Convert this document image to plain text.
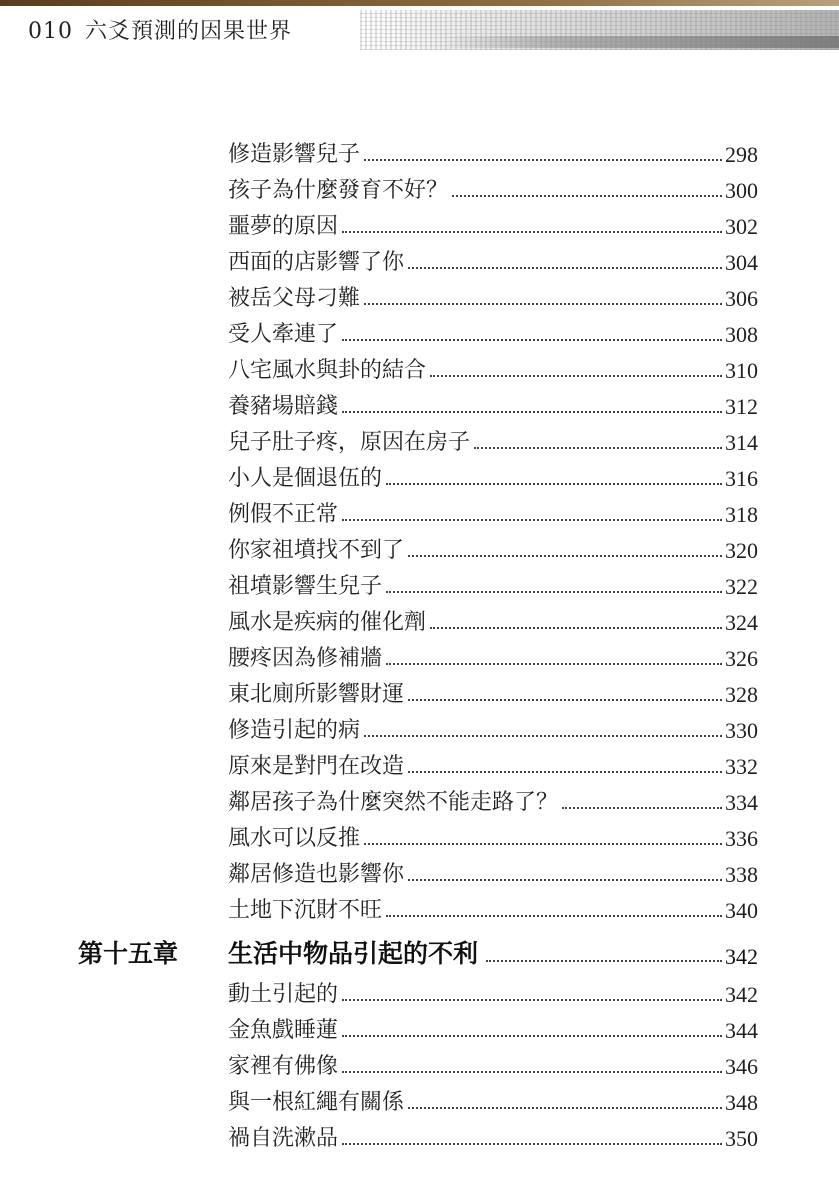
010 六爻預測的因果世界
修造影響兒子	298
孩子為什麼發育不好？	300
噩夢的原因	302
西面的店影響了你	304
被岳父母刁難	306
受人牽連了	308
八宅風水與卦的結合	310
養豬場賠錢	312
兒子肚子疼，原因在房子	314
小人是個退伍的	316
例假不正常	318
你家祖墳找不到了	320
祖墳影響生兒子	322
風水是疾病的催化劑	324
腰疼因為修補牆	326
東北廁所影響財運	328
修造引起的病	330
原來是對門在改造	332
鄰居孩子為什麼突然不能走路了？	334
風水可以反推	336
鄰居修造也影響你	338
土地下沉財不旺	340
第十五章	生活中物品引起的不利	342
動土引起的	342
金魚戲睡蓮	344
家裡有佛像	346
與一根紅繩有關係	348
禍自洗漱品	350
